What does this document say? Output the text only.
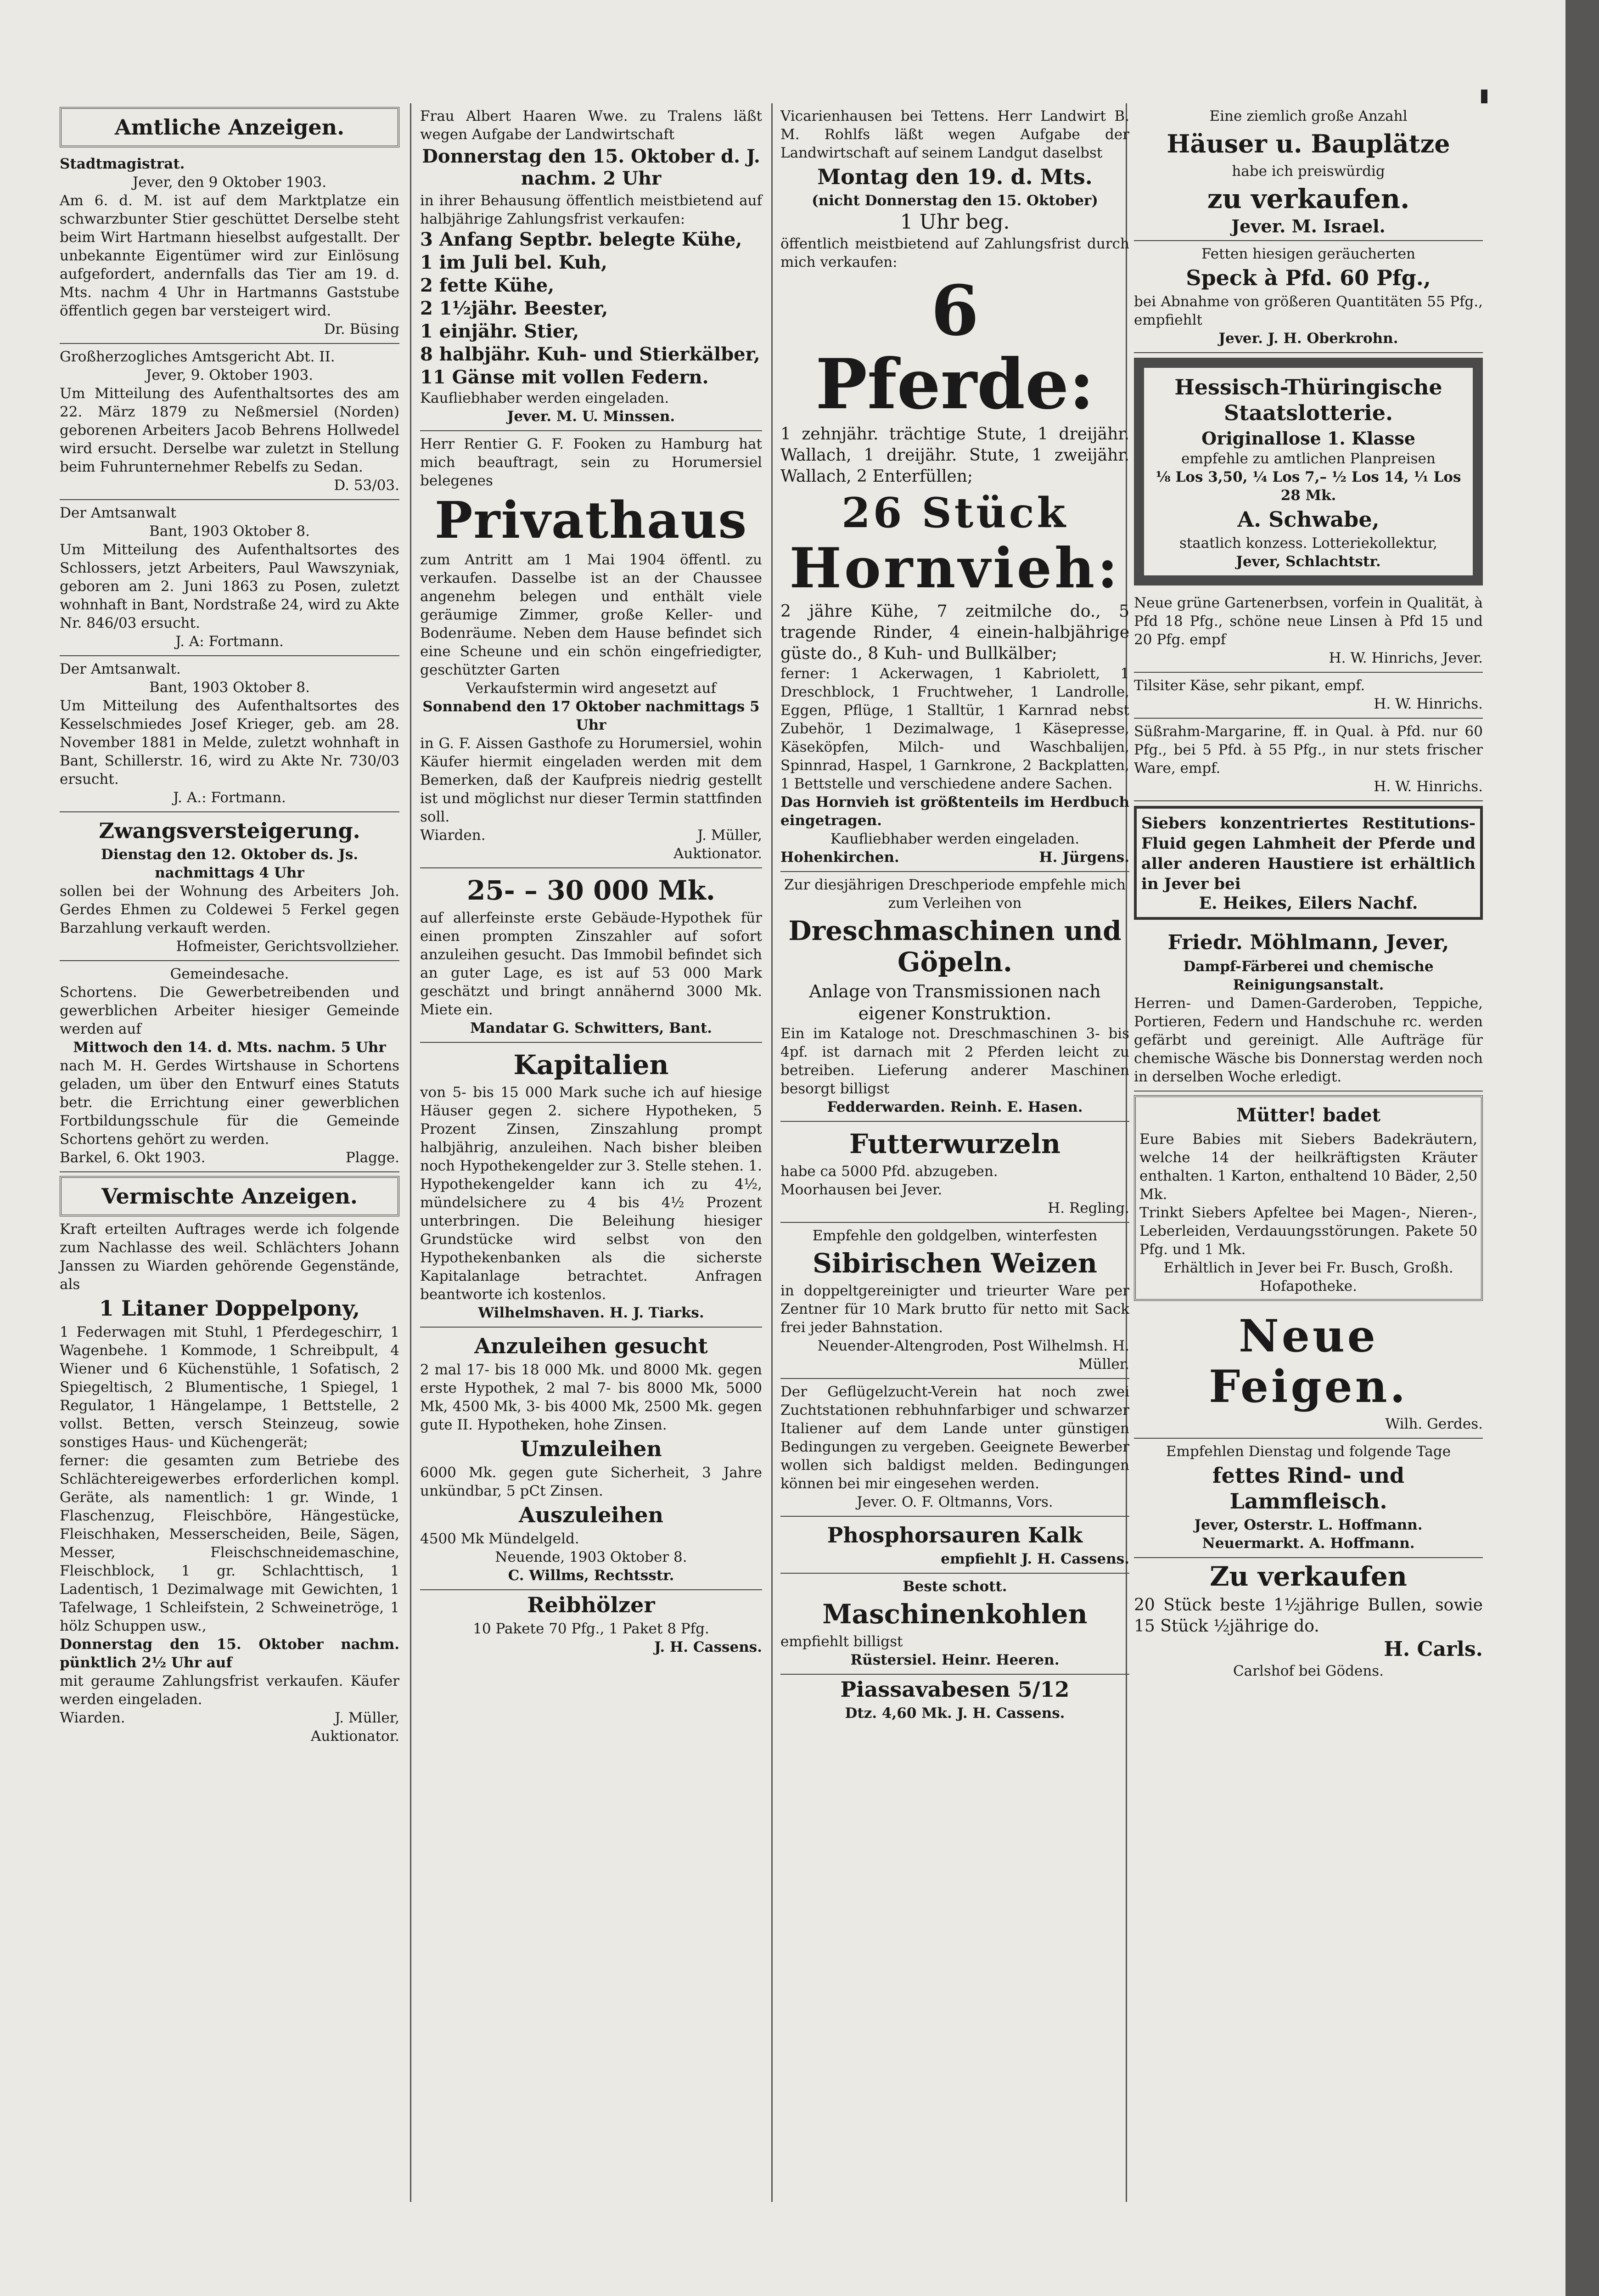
Amtliche Anzeigen.

Stadtmagistrat.

Jever, den 9 Oktober 1903.

Am 6. d. M. ist auf dem Marktplatze ein schwarzbunter Stier geschüttet Derselbe steht beim Wirt Hartmann hieselbst aufgestallt. Der unbekannte Eigentümer wird zur Einlösung aufgefordert, andernfalls das Tier am 19. d. Mts. nachm 4 Uhr in Hartmanns Gaststube öffentlich gegen bar versteigert wird.

Dr. Büsing

Großherzogliches Amtsgericht Abt. II.

Jever, 9. Oktober 1903.

Um Mitteilung des Aufenthaltsortes des am 22. März 1879 zu Neßmersiel (Norden) geborenen Arbeiters Jacob Behrens Hollwedel wird ersucht. Derselbe war zuletzt in Stellung beim Fuhrunternehmer Rebelfs zu Sedan.

D. 53/03.

Der Amtsanwalt

Bant, 1903 Oktober 8.

Um Mitteilung des Aufenthaltsortes des Schlossers, jetzt Arbeiters, Paul Wawszyniak, geboren am 2. Juni 1863 zu Posen, zuletzt wohnhaft in Bant, Nordstraße 24, wird zu Akte Nr. 846/03 ersucht.

J. A: Fortmann.

Der Amtsanwalt.

Bant, 1903 Oktober 8.

Um Mitteilung des Aufenthaltsortes des Kesselschmiedes Josef Krieger, geb. am 28. November 1881 in Melde, zuletzt wohnhaft in Bant, Schillerstr. 16, wird zu Akte Nr. 730/03 ersucht.

J. A.: Fortmann.

Zwangsversteigerung.

Dienstag den 12. Oktober ds. Js. nachmittags 4 Uhr

sollen bei der Wohnung des Arbeiters Joh. Gerdes Ehmen zu Coldewei 5 Ferkel gegen Barzahlung verkauft werden.

Hofmeister, Gerichtsvollzieher.

Gemeindesache.

Schortens. Die Gewerbetreibenden und gewerblichen Arbeiter hiesiger Gemeinde werden auf

Mittwoch den 14. d. Mts. nachm. 5 Uhr

nach M. H. Gerdes Wirtshause in Schortens geladen, um über den Entwurf eines Statuts betr. die Errichtung einer gewerblichen Fortbildungsschule für die Gemeinde Schortens gehört zu werden.

Barkel, 6. Okt 1903.	Plagge.

Vermischte Anzeigen.

Kraft erteilten Auftrages werde ich folgende zum Nachlasse des weil. Schlächters Johann Janssen zu Wiarden gehörende Gegenstände, als

1 Litaner Doppelpony,

1 Federwagen mit Stuhl, 1 Pferdegeschirr, 1 Wagenbehe. 1 Kommode, 1 Schreibpult, 4 Wiener und 6 Küchenstühle, 1 Sofatisch, 2 Spiegeltisch, 2 Blumentische, 1 Spiegel, 1 Regulator, 1 Hängelampe, 1 Bettstelle, 2 vollst. Betten, versch Steinzeug, sowie sonstiges Haus- und Küchengerät;

ferner: die gesamten zum Betriebe des Schlächtereigewerbes erforderlichen kompl. Geräte, als namentlich: 1 gr. Winde, 1 Flaschenzug, Fleischböre, Hängestücke, Fleischhaken, Messerscheiden, Beile, Sägen, Messer, Fleischschneidemaschine, Fleischblock, 1 gr. Schlachttisch, 1 Ladentisch, 1 Dezimalwage mit Gewichten, 1 Tafelwage, 1 Schleifstein, 2 Schweinetröge, 1 hölz Schuppen usw.,

Donnerstag den 15. Oktober nachm. pünktlich 2½ Uhr auf

mit geraume Zahlungsfrist verkaufen. Käufer werden eingeladen.

Wiarden.	J. Müller,

Auktionator.

Frau Albert Haaren Wwe. zu Tralens läßt wegen Aufgabe der Landwirtschaft

Donnerstag den 15. Oktober d. J. nachm. 2 Uhr

in ihrer Behausung öffentlich meistbietend auf halbjährige Zahlungsfrist verkaufen:

3 Anfang Septbr. belegte Kühe,

1 im Juli bel. Kuh,

2 fette Kühe,

2 1½jähr. Beester,

1 einjähr. Stier,

8 halbjähr. Kuh- und Stierkälber,

11 Gänse mit vollen Federn.

Kaufliebhaber werden eingeladen.

Jever. M. U. Minssen.

Herr Rentier G. F. Fooken zu Hamburg hat mich beauftragt, sein zu Horumersiel belegenes

Privathaus

zum Antritt am 1 Mai 1904 öffentl. zu verkaufen. Dasselbe ist an der Chaussee angenehm belegen und enthält viele geräumige Zimmer, große Keller- und Bodenräume. Neben dem Hause befindet sich eine Scheune und ein schön eingefriedigter, geschützter Garten

Verkaufstermin wird angesetzt auf

Sonnabend den 17 Oktober nachmittags 5 Uhr

in G. F. Aissen Gasthofe zu Horumersiel, wohin Käufer hiermit eingeladen werden mit dem Bemerken, daß der Kaufpreis niedrig gestellt ist und möglichst nur dieser Termin stattfinden soll.

Wiarden.	J. Müller,

Auktionator.

25- – 30 000 Mk.

auf allerfeinste erste Gebäude-Hypothek für einen prompten Zinszahler auf sofort anzuleihen gesucht. Das Immobil befindet sich an guter Lage, es ist auf 53 000 Mark geschätzt und bringt annähernd 3000 Mk. Miete ein.

Mandatar G. Schwitters, Bant.

Kapitalien

von 5- bis 15 000 Mark suche ich auf hiesige Häuser gegen 2. sichere Hypotheken, 5 Prozent Zinsen, Zinszahlung prompt halbjährig, anzuleihen. Nach bisher bleiben noch Hypothekengelder zur 3. Stelle stehen. 1. Hypothekengelder kann ich zu 4½, mündelsichere zu 4 bis 4½ Prozent unterbringen. Die Beleihung hiesiger Grundstücke wird selbst von den Hypothekenbanken als die sicherste Kapitalanlage betrachtet. Anfragen beantworte ich kostenlos.

Wilhelmshaven. H. J. Tiarks.

Anzuleihen gesucht

2 mal 17- bis 18 000 Mk. und 8000 Mk. gegen erste Hypothek, 2 mal 7- bis 8000 Mk, 5000 Mk, 4500 Mk, 3- bis 4000 Mk, 2500 Mk. gegen gute II. Hypotheken, hohe Zinsen.

Umzuleihen

6000 Mk. gegen gute Sicherheit, 3 Jahre unkündbar, 5 pCt Zinsen.

Auszuleihen

4500 Mk Mündelgeld.

Neuende, 1903 Oktober 8.

C. Willms, Rechtsstr.

Reibhölzer

10 Pakete 70 Pfg., 1 Paket 8 Pfg.

J. H. Cassens.

Vicarienhausen bei Tettens. Herr Landwirt B. M. Rohlfs läßt wegen Aufgabe der Landwirtschaft auf seinem Landgut daselbst

Montag den 19. d. Mts.

(nicht Donnerstag den 15. Oktober)

1 Uhr beg.

öffentlich meistbietend auf Zahlungsfrist durch mich verkaufen:

6 Pferde:

1 zehnjähr. trächtige Stute, 1 dreijähr. Wallach, 1 dreijähr. Stute, 1 zweijähr. Wallach, 2 Enterfüllen;

26 Stück

Hornvieh:

2 jähre Kühe, 7 zeitmilche do., 5 tragende Rinder, 4 einein-halbjährige güste do., 8 Kuh- und Bullkälber;

ferner: 1 Ackerwagen, 1 Kabriolett, 1 Dreschblock, 1 Fruchtweher, 1 Landrolle, Eggen, Pflüge, 1 Stalltür, 1 Karnrad nebst Zubehör, 1 Dezimalwage, 1 Käsepresse, Käseköpfen, Milch- und Waschbalijen, Spinnrad, Haspel, 1 Garnkrone, 2 Backplatten, 1 Bettstelle und verschiedene andere Sachen.

Das Hornvieh ist größtenteils im Herdbuch eingetragen.

Kaufliebhaber werden eingeladen.

Hohenkirchen.	H. Jürgens.

Zur diesjährigen Dreschperiode empfehle mich zum Verleihen von

Dreschmaschinen und Göpeln.

Anlage von Transmissionen nach eigener Konstruktion.

Ein im Kataloge not. Dreschmaschinen 3- bis 4pf. ist darnach mit 2 Pferden leicht zu betreiben. Lieferung anderer Maschinen besorgt billigst

Fedderwarden. Reinh. E. Hasen.

Futterwurzeln

habe ca 5000 Pfd. abzugeben.

Moorhausen bei Jever.

H. Regling.

Empfehle den goldgelben, winterfesten

Sibirischen Weizen

in doppeltgereinigter und trieurter Ware per Zentner für 10 Mark brutto für netto mit Sack frei jeder Bahnstation.

Neuender-Altengroden, Post Wilhelmsh. H. Müller.

Der Geflügelzucht-Verein hat noch zwei Zuchtstationen rebhuhnfarbiger und schwarzer Italiener auf dem Lande unter günstigen Bedingungen zu vergeben. Geeignete Bewerber wollen sich baldigst melden. Bedingungen können bei mir eingesehen werden.

Jever. O. F. Oltmanns, Vors.

Phosphorsauren Kalk

empfiehlt J. H. Cassens.

Beste schott.

Maschinenkohlen

empfiehlt billigst

Rüstersiel. Heinr. Heeren.

Piassavabesen 5/12

Dtz. 4,60 Mk. J. H. Cassens.

Eine ziemlich große Anzahl

Häuser u. Bauplätze

habe ich preiswürdig

zu verkaufen.

Jever. M. Israel.

Fetten hiesigen geräucherten

Speck à Pfd. 60 Pfg.,

bei Abnahme von größeren Quantitäten 55 Pfg., empfiehlt

Jever. J. H. Oberkrohn.

Hessisch-Thüringische Staatslotterie.

Originallose 1. Klasse

empfehle zu amtlichen Planpreisen

⅛ Los 3,50, ¼ Los 7,– ½ Los 14, ¹⁄₁ Los 28 Mk.

A. Schwabe,

staatlich konzess. Lotteriekollektur,

Jever, Schlachtstr.

Neue grüne Gartenerbsen, vorfein in Qualität, à Pfd 18 Pfg., schöne neue Linsen à Pfd 15 und 20 Pfg. empf

H. W. Hinrichs, Jever.

Tilsiter Käse, sehr pikant, empf.

H. W. Hinrichs.

Süßrahm-Margarine, ff. in Qual. à Pfd. nur 60 Pfg., bei 5 Pfd. à 55 Pfg., in nur stets frischer Ware, empf.

H. W. Hinrichs.

Siebers konzentriertes Restitutions-Fluid gegen Lahmheit der Pferde und aller anderen Haustiere ist erhältlich in Jever bei

E. Heikes, Eilers Nachf.

Friedr. Möhlmann, Jever,

Dampf-Färberei und chemische Reinigungsanstalt.

Herren- und Damen-Garderoben, Teppiche, Portieren, Federn und Handschuhe rc. werden gefärbt und gereinigt. Alle Aufträge für chemische Wäsche bis Donnerstag werden noch in derselben Woche erledigt.

Mütter! badet

Eure Babies mit Siebers Badekräutern, welche 14 der heilkräftigsten Kräuter enthalten. 1 Karton, enthaltend 10 Bäder, 2,50 Mk.

Trinkt Siebers Apfeltee bei Magen-, Nieren-, Leberleiden, Verdauungsstörungen. Pakete 50 Pfg. und 1 Mk.

Erhältlich in Jever bei Fr. Busch, Großh. Hofapotheke.

Neue Feigen.

Wilh. Gerdes.

Empfehlen Dienstag und folgende Tage

fettes Rind- und Lammfleisch.

Jever, Osterstr. L. Hoffmann.

Neuermarkt. A. Hoffmann.

Zu verkaufen

20 Stück beste 1½jährige Bullen, sowie 15 Stück ½jährige do.

H. Carls.

Carlshof bei Gödens.
